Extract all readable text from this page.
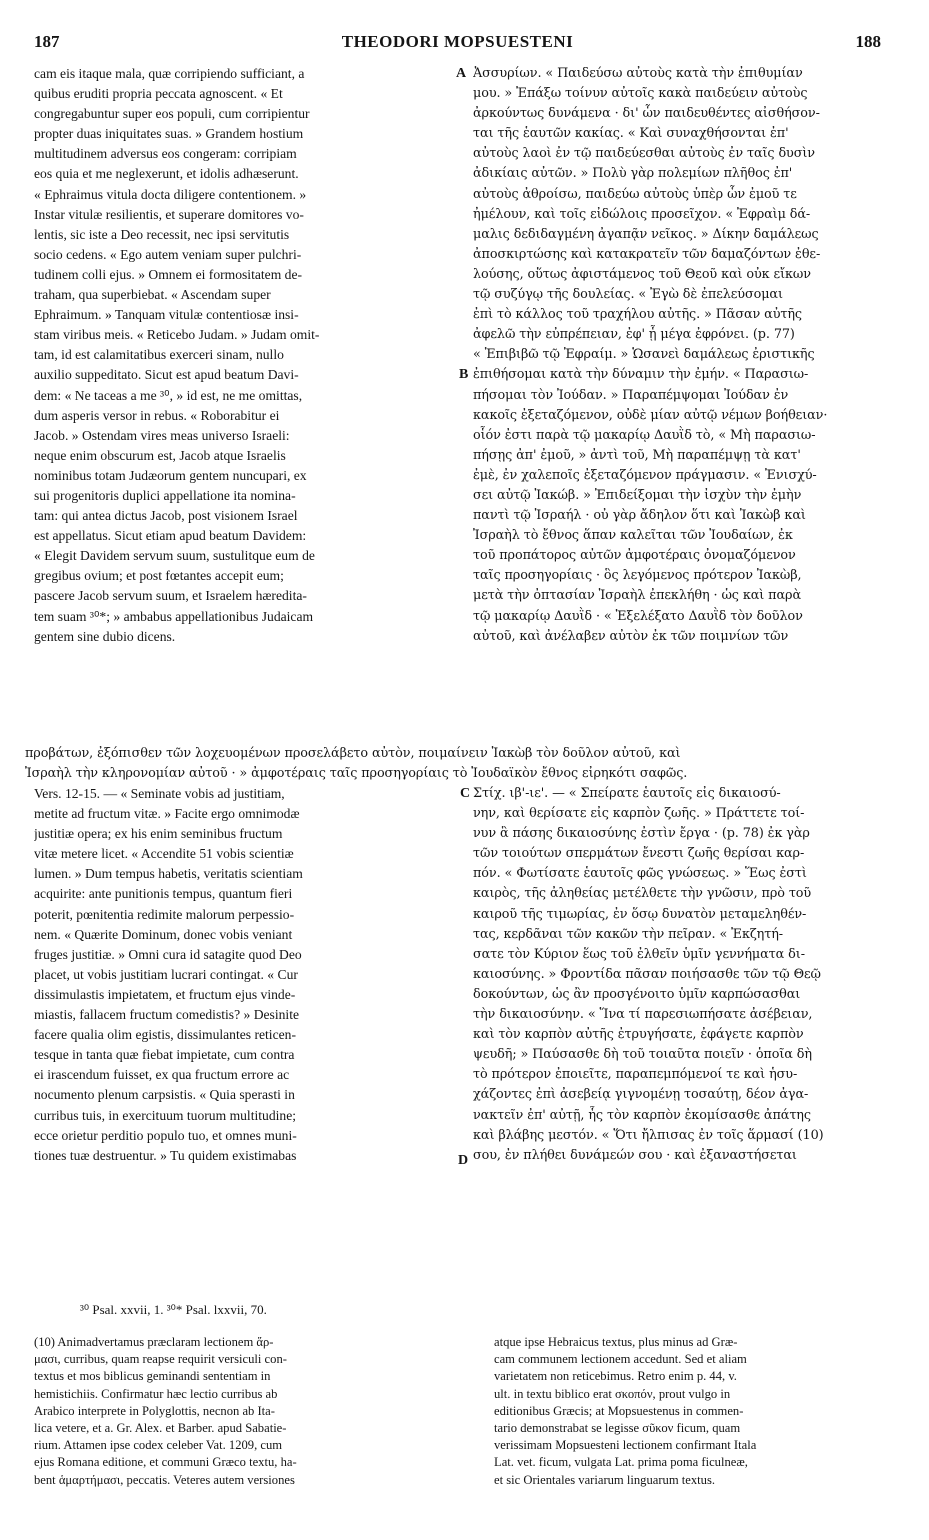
187	THEODORI MOPSUESTENI	188
cam eis itaque mala, quæ corripiendo sufficiant, a
quibus eruditi propria peccata agnoscent. « Et
congregabuntur super eos populi, cum corripientur
propter duas iniquitates suas. » Grandem hostium
multitudinem adversus eos congeram: corripiam
eos quia et me neglexerunt, et idolis adhæserunt.
« Ephraimus vitula docta diligere contentionem. »
Instar vitulæ resilientis, et superare domitores vo-
lentis, sic iste a Deo recessit, nec ipsi servitutis
socio cedens. « Ego autem veniam super pulchri-
tudinem colli ejus. » Omnem ei formositatem de-
traham, qua superbiebat. « Ascendam super
Ephraimum. » Tanquam vitulæ contentiosæ insi-
stam viribus meis. « Reticebo Judam. » Judam omit-
tam, id est calamitatibus exerceri sinam, nullo
auxilio suppeditato. Sicut est apud beatum Davi-
dem: « Ne taceas a me ³⁰, » id est, ne me omittas,
dum asperis versor in rebus. « Roborabitur ei
Jacob. » Ostendam vires meas universo Israeli:
neque enim obscurum est, Jacob atque Israelis
nominibus totam Judæorum gentem nuncupari, ex
sui progenitoris duplici appellatione ita nomina-
tam: qui antea dictus Jacob, post visionem Israel
est appellatus. Sicut etiam apud beatum Davidem:
« Elegit Davidem servum suum, sustulitque eum de
gregibus ovium; et post fœtantes accepit eum;
pascere Jacob servum suum, et Israelem hæredita-
tem suam ³⁰*; » ambabus appellationibus Judaicam
gentem sine dubio dicens.
Ἀσσυρίων. « Παιδεύσω αὐτοὺς κατὰ τὴν ἐπιθυμίαν
μου. » Ἐπάξω τοίνυν αὐτοῖς κακὰ παιδεύειν αὐτοὺς
ἀρκούντως δυνάμενα · δι' ὧν παιδευθέντες αἰσθήσον-
ται τῆς ἑαυτῶν κακίας. « Καὶ συναχθήσονται ἐπ'
αὐτοὺς λαοὶ ἐν τῷ παιδεύεσθαι αὐτοὺς ἐν ταῖς δυσὶν
ἀδικίαις αὐτῶν. » Πολὺ γὰρ πολεμίων πλῆθος ἐπ'
αὐτοὺς ἀθροίσω, παιδεύω αὐτοὺς ὑπὲρ ὧν ἐμοῦ τε
ἠμέλουν, καὶ τοῖς εἰδώλοις προσεῖχον. « Ἐφραὶμ δά-
μαλις δεδιδαγμένη ἀγαπᾷν νεῖκος. » Δίκην δαμάλεως
ἀποσκιρτώσης καὶ κατακρατεῖν τῶν δαμαζόντων ἐθε-
λούσης, οὕτως ἀφιστάμενος τοῦ Θεοῦ καὶ οὐκ εἴκων
τῷ συζύγῳ τῆς δουλείας. « Ἐγὼ δὲ ἐπελεύσομαι
ἐπὶ τὸ κάλλος τοῦ τραχήλου αὐτῆς. » Πᾶσαν αὐτῆς
ἀφελῶ τὴν εὐπρέπειαν, ἐφ' ᾗ μέγα ἐφρόνει. (p. 77)
« Ἐπιβιβῶ τῷ Ἐφραίμ. » Ὡσανεὶ δαμάλεως ἐριστικῆς
ἐπιθήσομαι κατὰ τὴν δύναμιν τὴν ἐμήν. « Παρασιω-
πήσομαι τὸν Ἰούδαν. » Παραπέμψομαι Ἰούδαν ἐν
κακοῖς ἐξεταζόμενον, οὐδὲ μίαν αὐτῷ νέμων βοήθειαν·
οἷόν ἐστι παρὰ τῷ μακαρίῳ Δαυῒδ τὸ, « Μὴ παρασιω-
πήσῃς ἀπ' ἐμοῦ, » ἀντὶ τοῦ, Μὴ παραπέμψῃ τὰ κατ'
ἐμὲ, ἐν χαλεποῖς ἐξεταζόμενον πράγμασιν. « Ἐνισχύ-
σει αὐτῷ Ἰακώβ. » Ἐπιδείξομαι τὴν ἰσχὺν τὴν ἐμὴν
παντὶ τῷ Ἰσραήλ · οὐ γὰρ ἄδηλον ὅτι καὶ Ἰακὼβ καὶ
Ἰσραὴλ τὸ ἔθνος ἅπαν καλεῖται τῶν Ἰουδαίων, ἐκ
τοῦ προπάτορος αὐτῶν ἀμφοτέραις ὀνομαζόμενον
ταῖς προσηγορίαις · ὃς λεγόμενος πρότερον Ἰακὼβ,
μετὰ τὴν ὀπτασίαν Ἰσραὴλ ἐπεκλήθη · ὡς καὶ παρὰ
τῷ μακαρίῳ Δαυῒδ · « Ἐξελέξατο Δαυῒδ τὸν δοῦλον
αὐτοῦ, καὶ ἀνέλαβεν αὐτὸν ἐκ τῶν ποιμνίων τῶν
A
B
προβάτων, ἐξόπισθεν τῶν λοχευομένων προσελάβετο αὐτὸν, ποιμαίνειν Ἰακὼβ τὸν δοῦλον αὐτοῦ, καὶ
Ἰσραὴλ τὴν κληρονομίαν αὐτοῦ · » ἀμφοτέραις ταῖς προσηγορίαις τὸ Ἰουδαϊκὸν ἔθνος εἰρηκότι σαφῶς.
C
Vers. 12-15. — « Seminate vobis ad justitiam,
metite ad fructum vitæ. » Facite ergo omnimodæ
justitiæ opera; ex his enim seminibus fructum
vitæ metere licet. « Accendite 51 vobis scientiæ
lumen. » Dum tempus habetis, veritatis scientiam
acquirite: ante punitionis tempus, quantum fieri
poterit, pœnitentia redimite malorum perpessio-
nem. « Quærite Dominum, donec vobis veniant
fruges justitiæ. » Omni cura id satagite quod Deo
placet, ut vobis justitiam lucrari contingat. « Cur
dissimulastis impietatem, et fructum ejus vinde-
miastis, fallacem fructum comedistis? » Desinite
facere qualia olim egistis, dissimulantes reticen-
tesque in tanta quæ fiebat impietate, cum contra
ei irascendum fuisset, ex qua fructum errore ac
nocumento plenum carpsistis. « Quia sperasti in
curribus tuis, in exercituum tuorum multitudine;
ecce orietur perditio populo tuo, et omnes muni-
tiones tuæ destruentur. » Tu quidem existimabas
Στίχ. ιβ'-ιε'. — « Σπείρατε ἑαυτοῖς εἰς δικαιοσύ-
νην, καὶ θερίσατε εἰς καρπὸν ζωῆς. » Πράττετε τοί-
νυν ἃ πάσης δικαιοσύνης ἐστὶν ἔργα · (p. 78) ἐκ γὰρ
τῶν τοιούτων σπερμάτων ἔνεστι ζωῆς θερίσαι καρ-
πόν. « Φωτίσατε ἑαυτοῖς φῶς γνώσεως. » Ἕως ἐστὶ
καιρὸς, τῆς ἀληθείας μετέλθετε τὴν γνῶσιν, πρὸ τοῦ
καιροῦ τῆς τιμωρίας, ἐν ὅσῳ δυνατὸν μεταμεληθέν-
τας, κερδᾶναι τῶν κακῶν τὴν πεῖραν. « Ἐκζητή-
σατε τὸν Κύριον ἕως τοῦ ἐλθεῖν ὑμῖν γεννήματα δι-
καιοσύνης. » Φροντίδα πᾶσαν ποιήσασθε τῶν τῷ Θεῷ
δοκούντων, ὡς ἂν προσγένοιτο ὑμῖν καρπώσασθαι
τὴν δικαιοσύνην. « Ἵνα τί παρεσιωπήσατε ἀσέβειαν,
καὶ τὸν καρπὸν αὐτῆς ἐτρυγήσατε, ἐφάγετε καρπὸν
ψευδῆ; » Παύσασθε δὴ τοῦ τοιαῦτα ποιεῖν · ὁποῖα δὴ
τὸ πρότερον ἐποιεῖτε, παραπεμπόμενοί τε καὶ ἡσυ-
χάζοντες ἐπὶ ἀσεβείᾳ γιγνομένῃ τοσαύτῃ, δέον ἀγα-
νακτεῖν ἐπ' αὐτῇ, ἧς τὸν καρπὸν ἐκομίσασθε ἀπάτης
καὶ βλάβης μεστόν. « Ὅτι ἤλπισας ἐν τοῖς ἅρμασί (10)
σου, ἐν πλήθει δυνάμεών σου · καὶ ἐξαναστήσεται
D
³⁰ Psal. xxvii, 1. ³⁰* Psal. lxxvii, 70.
(10) Animadvertamus præclaram lectionem ἅρ-
μασι, curribus, quam reapse requirit versiculi con-
textus et mos biblicus geminandi sententiam in
hemistichiis. Confirmatur hæc lectio curribus ab
Arabico interprete in Polyglottis, necnon ab Ita-
lica vetere, et a. Gr. Alex. et Barber. apud Sabatie-
rium. Attamen ipse codex celeber Vat. 1209, cum
ejus Romana editione, et communi Græco textu, ha-
bent ἁμαρτήμασι, peccatis. Veteres autem versiones
atque ipse Hebraicus textus, plus minus ad Græ-
cam communem lectionem accedunt. Sed et aliam
varietatem non reticebimus. Retro enim p. 44, v.
ult. in textu biblico erat σκοπόν, prout vulgo in
editionibus Græcis; at Mopsuestenus in commen-
tario demonstrabat se legisse σῦκον ficum, quam
verissimam Mopsuesteni lectionem confirmant Itala
Lat. vet. ficum, vulgata Lat. prima poma ficulneæ,
et sic Orientales variarum linguarum textus.
